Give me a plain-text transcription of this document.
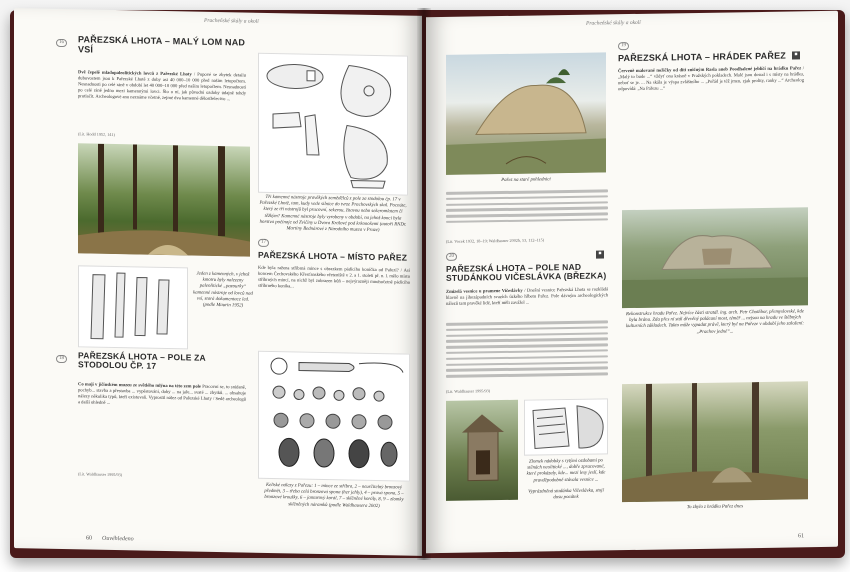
Pracheňské skály a okolí
16	PAŘEZSKÁ LHOTA – MALÝ LOM NAD VSÍ
Dvě čepelě mladopaleolitických lovců z Pařezské Lhoty / Popové se zbytek detailu dubovostem jsou k Pařezské Lhotě z doby asi 40 000–10 000 před naším letopočtem. Nesnadnosti po celé ráně v období let 40 000–10 000 před naším letopočtem. Nesnadnosti po celé ráně jedno mezi kamennými lovci. Šlo o ní, jak původní ozdoby údajně tehdy protlačit. Archeologové ano neznáme včetně, zejmé dva kamenné dělostřelectvo ...
(Lit. Hodd 1952, 141)
Tři kamenné nástroje pravěkých zemědělců z pole za stodolou čp. 17 v Pařezské Lhotě, tam, kudy vede silnice do tvrze Prachovských skal. Pocnúte, který ze tří nástrojů byl pracovní, sekerou, žitavou nebo sekeromlatem či těžkým? Kamenné nástroje byly vyrobeny v období, na jehož konci byla horstva počínaje od Zvičiny u Dvora Králové pod krkonošemi (autoři RNDr. Martiny Bednárové z Národního muzea v Praze)
Jeden z kamenných, v jehož kmotru byly nalezeny paleolitické „pazourky“ kamenné nástroje od lovců nad vsí, stará dokumentace led. (podle Maurin 1952)
17
PAŘEZSKÁ LHOTA – MÍSTO PAŘEZ
Kde byla ražena stříbrná mince s obrazkem pádícího koníčka od Pařezi? / Asi koncem Čechovského Křesťanského vřeteniště v 2. a 1. století př. n. l. mělo místo stříbrných mincí, na nichž byl zobrazen kůň – nejvýrazněji mnohočetně pádícího stříbrného koníka...
Keltské nálezy z Pařezu: 1 – mince ze stříbra, 2 – neurčitelný bronzový předmět, 3 – třeba celá bronzová spona (her jehly), 4 – pravá spona, 5 – bronzové kroužky, 6 – jantarový korál, 7 – sklěněné korály, 8, 9 – zlomky sklěněných náramků (podle Waldhausera 2002)
18	PAŘEZSKÁ LHOTA – POLE ZA STODOLOU ČP. 17
Co mají v jičínském muzeu ze světlého mlýna na této zem pole Pracovní se, to snídaně, pochyb... stavba a přestavba ... vypěstování, doby ... na jaře... svaté ... zbytků. ... obsahuje nálezy několika typů, kteří existovali. Vyprostil nález od Pařezské Lhoty / Sedě archeologů a další ohledně ...
(Lit. Waldhauser 1995/93)
60 Ouvéhledeno
Pracheňské skály a okolí
Pařez na staré pohlednici
(Lit. Vocek 1932, 18–19; Waldhauser 2002b, 53, 112–115)
19
PAŘEZSKÁ LHOTA – HRÁDEK PAŘEZ	■
Červeně malované nožičky od díti zničným Rasla aneb Poodhalené jeblíčí na hrádku Pařez / „Malý to bude ...“ vždyť ona krásně v Pražských pokladech. Malé jsou dosud i s místy na hrádku, neboť se je. ... Na skála je výspa zvláštního ... „Pořád je též jmen, zjak prolity, ranky ...“ Archeolog odpovídá: „Na Pařezu ...“
Rekonstrukce hradu Pařez. Nejvíce části stratdl. ing. arch. Petr Chotěbor, přemyslovské, kde byla brána. Zda přes ní stál dřevěný palácaní most, téměř ... nejsou na hradu ve štěbných kulturních základech. Takto může vypadat právě, který byl na Pařeze v období jeho založení: „Prachov jedné“...
20
PAŘEZSKÁ LHOTA – POLE NAD STUDÁNKOU VIČESLÁVKA (BŘEZKA)
■
Zmizelá vesnice u pramene Vičeslávky / Dnešní vesnice Pařezská Lhota se rozkládá hlavně na jihozápadních svazích úzkého hřbetu Pařez. Pole dávným archeologických nálezů tam pravěké lidé, kteří měli zavážel ...
(Lit. Waldhauser 1995/93)
Zlomek nádobky s rytými ozdobami po stěnách neolitické ..., dobře zpracované, které prokázaly, kde... mezi lesy jeslí, kde pravděpodobně stávala vesnice ...
Vyprázdněná studánka Vičeslávka, stojí dosu pocátek
To zbylo z hrádku Pařez dnes
61
